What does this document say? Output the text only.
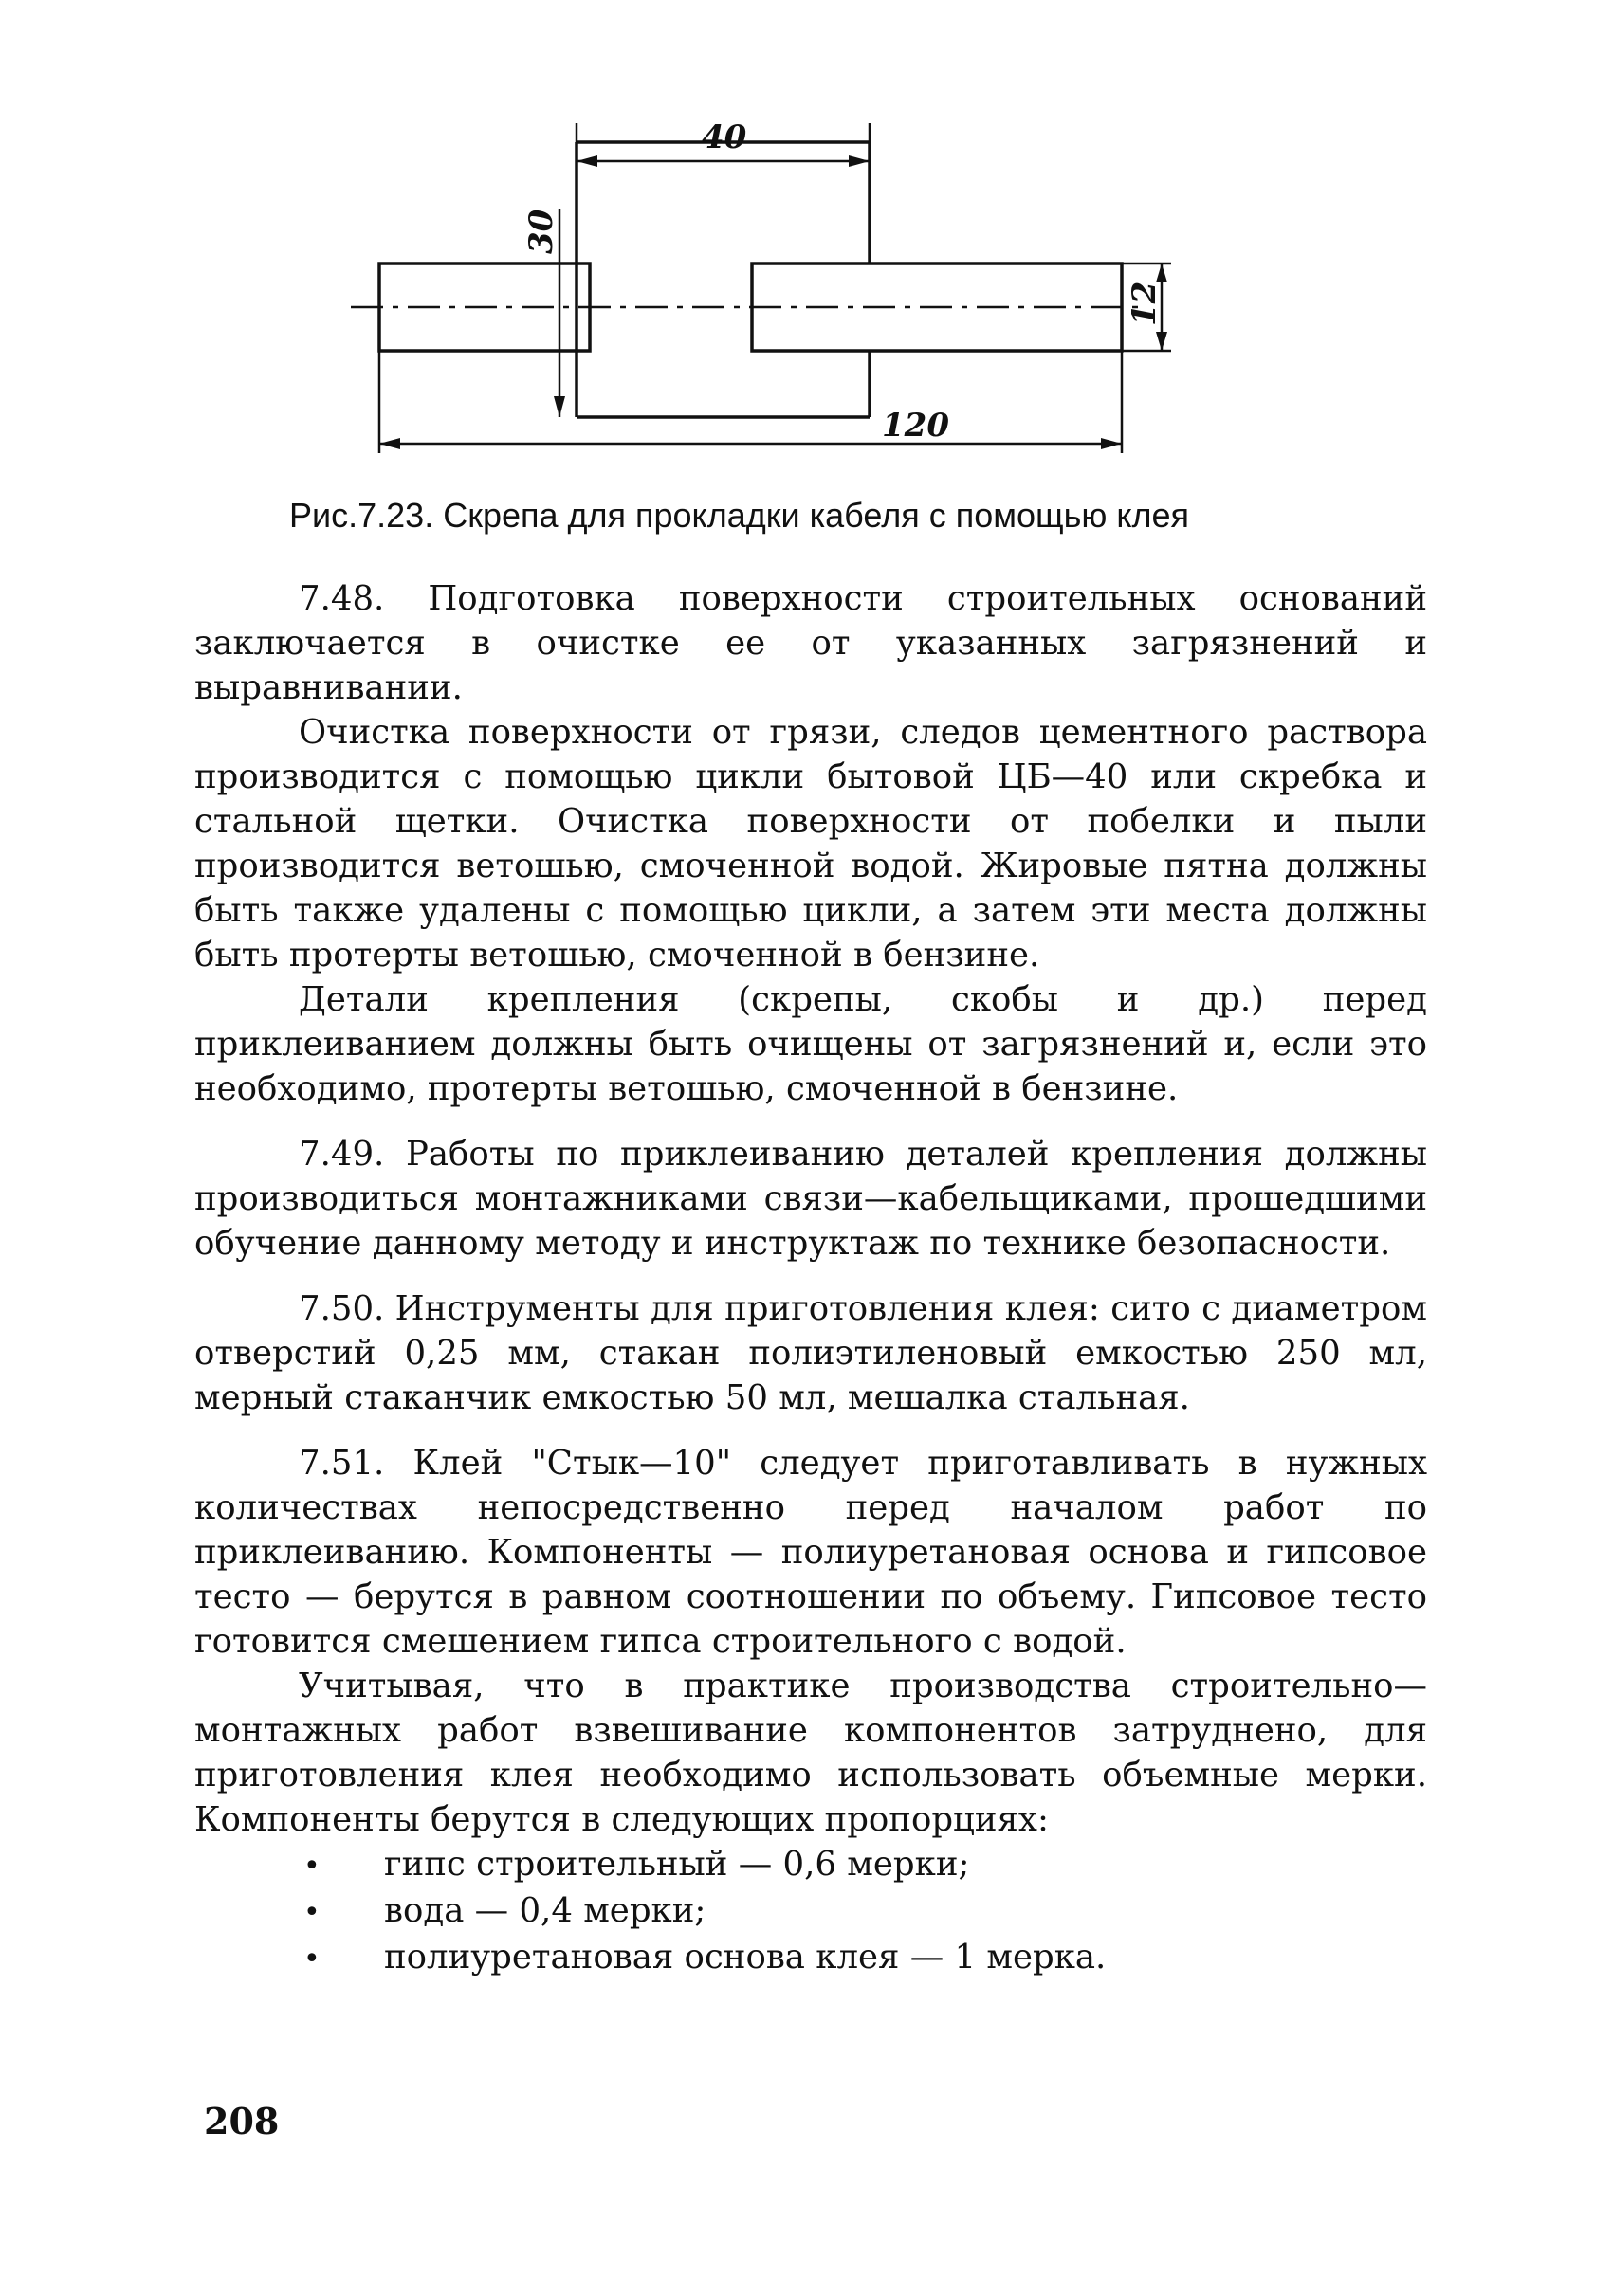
40
30
12
120
Рис.7.23. Скрепа для прокладки кабеля с помощью клея

7.48. Подготовка поверхности строительных оснований заключается в очистке ее от указанных загрязнений и выравнивании.

Очистка поверхности от грязи, следов цементного раствора производится с помощью цикли бытовой ЦБ—40 или скребка и стальной щетки. Очистка поверхности от побелки и пыли производится ветошью, смоченной водой. Жировые пятна должны быть также удалены с помощью цикли, а затем эти места должны быть протерты ветошью, смоченной в бензине.

Детали крепления (скрепы, скобы и др.) перед приклеиванием должны быть очищены от загрязнений и, если это необходимо, протерты ветошью, смоченной в бензине.

7.49. Работы по приклеиванию деталей крепления должны производиться монтажниками связи—кабельщиками, прошедшими обучение данному методу и инструктаж по технике безопасности.

7.50. Инструменты для приготовления клея: сито с диаметром отверстий 0,25 мм, стакан полиэтиленовый емкостью 250 мл, мерный стаканчик емкостью 50 мл, мешалка стальная.

7.51. Клей "Стык—10" следует приготавливать в нужных количествах непосредственно перед началом работ по приклеиванию. Компоненты — полиуретановая основа и гипсовое тесто — берутся в равном соотношении по объему. Гипсовое тесто готовится смешением гипса строительного с водой.

Учитывая, что в практике производства строительно—монтажных работ взвешивание компонентов затруднено, для приготовления клея необходимо использовать объемные мерки. Компоненты берутся в следующих пропорциях:

•	гипс строительный — 0,6 мерки;
•	вода — 0,4 мерки;
•	полиуретановая основа клея — 1 мерка.
208
